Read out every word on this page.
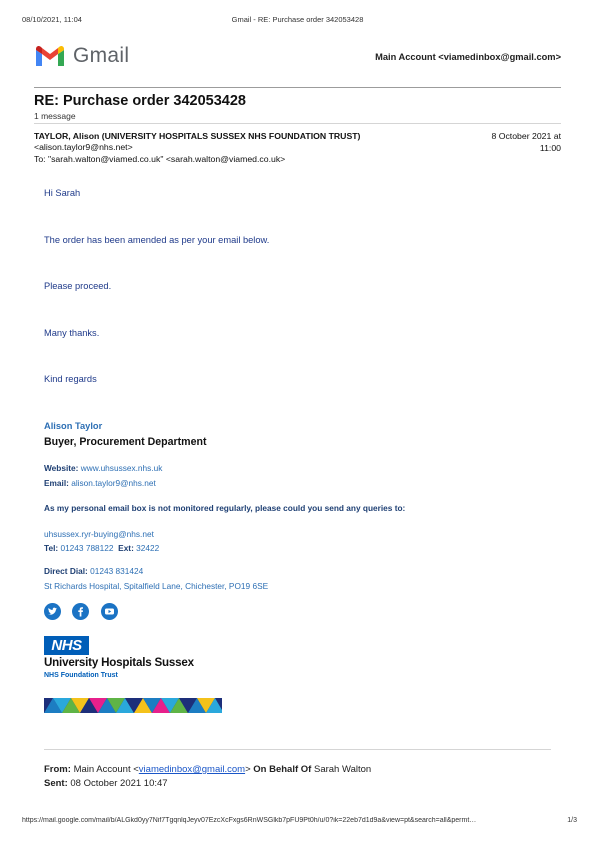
08/10/2021, 11:04	Gmail - RE: Purchase order 342053428
Gmail	Main Account <viamedinbox@gmail.com>
RE: Purchase order 342053428
1 message
TAYLOR, Alison (UNIVERSITY HOSPITALS SUSSEX NHS FOUNDATION TRUST)
<alison.taylor9@nhs.net>
To: "sarah.walton@viamed.co.uk" <sarah.walton@viamed.co.uk>
8 October 2021 at
11:00
Hi Sarah
The order has been amended as per your email below.
Please proceed.
Many thanks.
Kind regards
Alison Taylor
Buyer, Procurement Department
Website: www.uhsussex.nhs.uk
Email: alison.taylor9@nhs.net
As my personal email box is not monitored regularly, please could you send any queries to:
uhsussex.ryr-buying@nhs.net
Tel: 01243 788122 Ext: 32422
Direct Dial: 01243 831424
St Richards Hospital, Spitalfield Lane, Chichester, PO19 6SE
NHS
University Hospitals Sussex
NHS Foundation Trust
From: Main Account <viamedinbox@gmail.com> On Behalf Of Sarah Walton
Sent: 08 October 2021 10:47
https://mail.google.com/mail/b/ALGkd0yy7Nif7TgqnlqJeyv07EzcXcFxgs6RnWSGlkb7pFU9Pt0h/u/0?ik=22eb7d1d9a&view=pt&search=all&permt…	1/3
